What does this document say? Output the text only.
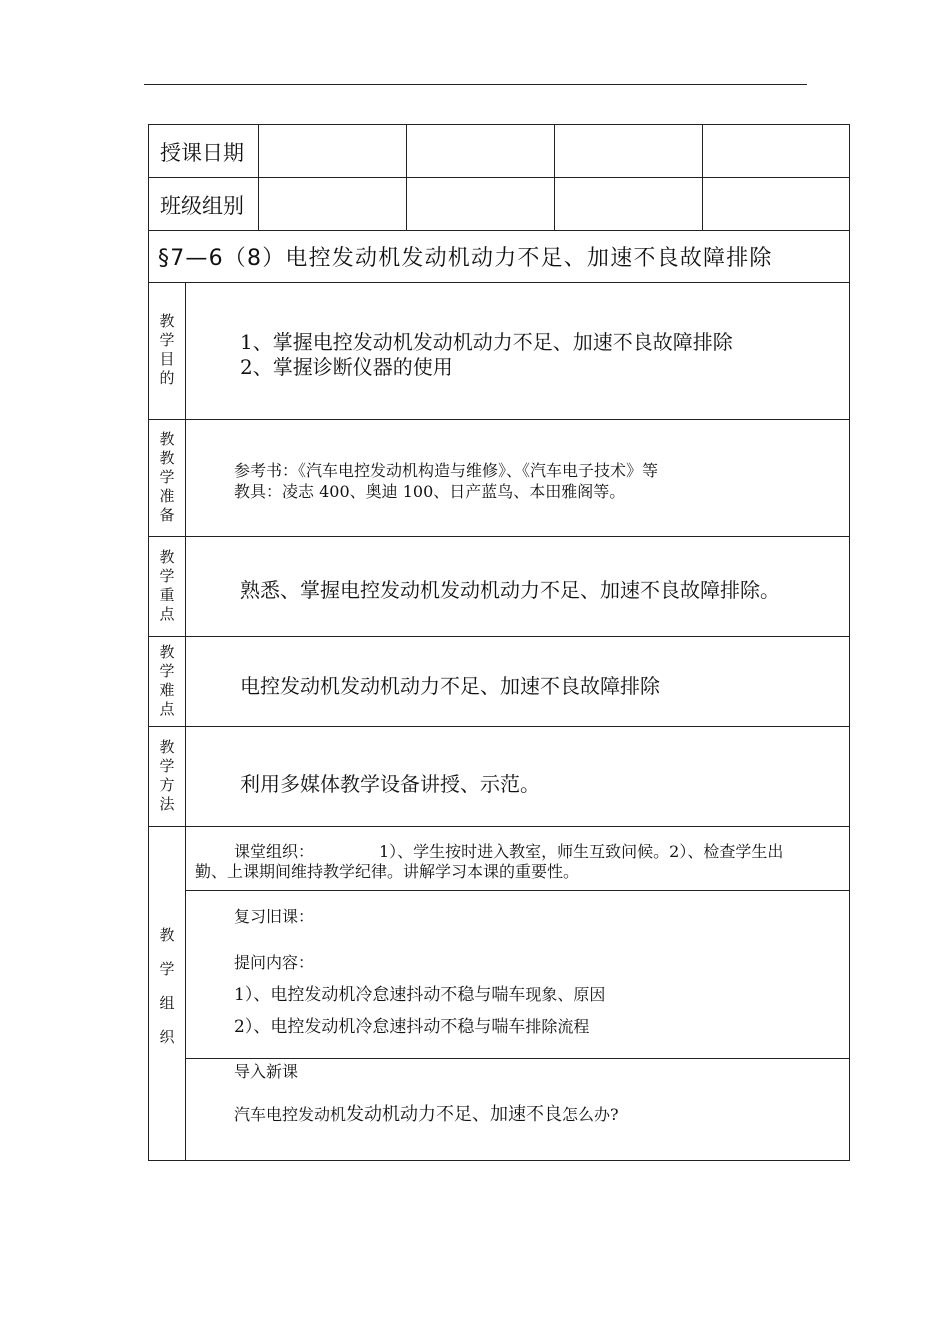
授课日期
班级组别
§7—6（8）电控发动机发动机动力不足、加速不良故障排除
教
学
目
的
1、掌握电控发动机发动机动力不足、加速不良故障排除
2、掌握诊断仪器的使用
教
教
学
准
备
参考书：《汽车电控发动机构造与维修》、《汽车电子技术》等
教具：凌志 400、奥迪 100、日产蓝鸟、本田雅阁等。
教
学
重
点
熟悉、掌握电控发动机发动机动力不足、加速不良故障排除。
教
学
难
点
电控发动机发动机动力不足、加速不良故障排除
教
学
方
法
利用多媒体教学设备讲授、示范。
教
学
组
织
课堂组织：	1）、学生按时进入教室，师生互致问候。2）、检查学生出
勤、上课期间维持教学纪律。讲解学习本课的重要性。
复习旧课：
提问内容：
1）、电控发动机冷怠速抖动不稳与喘车现象、原因
2）、电控发动机冷怠速抖动不稳与喘车排除流程
导入新课
汽车电控发动机发动机动力不足、加速不良怎么办?
